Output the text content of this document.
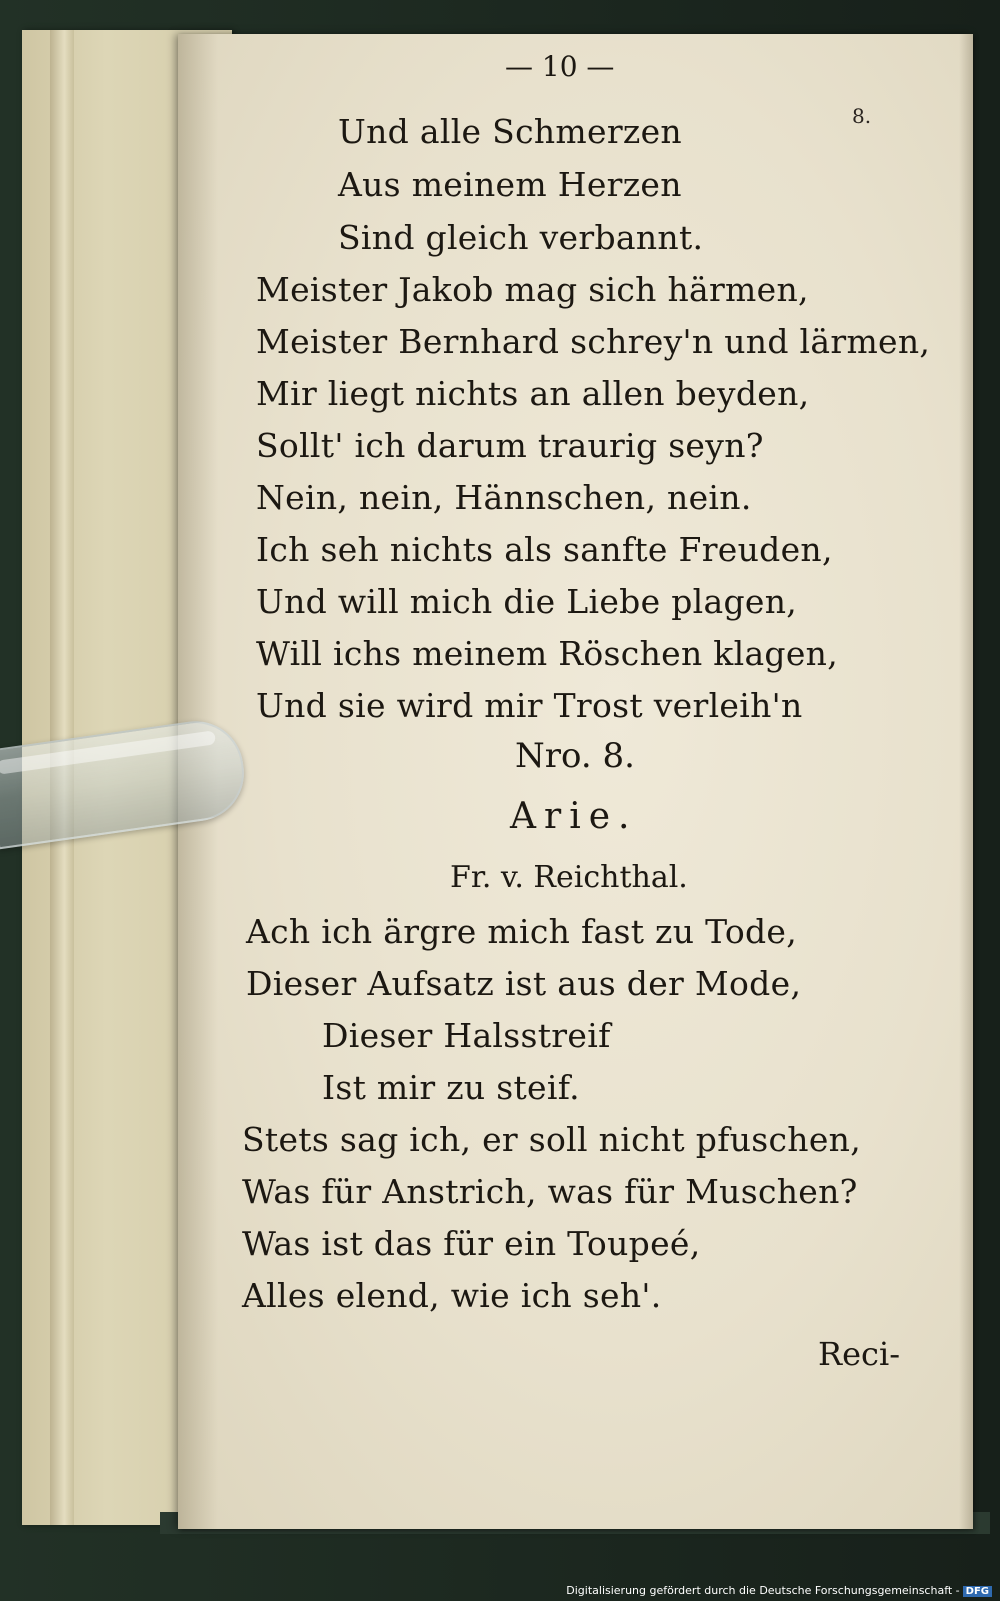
— 10 —
8.
Und alle Schmerzen
Aus meinem Herzen
Sind gleich verbannt.
Meister Jakob mag sich härmen,
Meister Bernhard schrey'n und lärmen,
Mir liegt nichts an allen beyden,
Sollt' ich darum traurig seyn?
Nein, nein, Hännschen, nein.
Ich seh nichts als sanfte Freuden,
Und will mich die Liebe plagen,
Will ichs meinem Röschen klagen,
Und sie wird mir Trost verleih'n
Nro. 8.
Arie.
Fr. v. Reichthal.
Ach ich ärgre mich fast zu Tode,
Dieser Aufsatz ist aus der Mode,
Dieser Halsstreif
Ist mir zu steif.
Stets sag ich, er soll nicht pfuschen,
Was für Anstrich, was für Muschen?
Was ist das für ein Toupeé,
Alles elend, wie ich seh'.
Reci-
Digitalisierung gefördert durch die Deutsche Forschungsgemeinschaft - DFG
